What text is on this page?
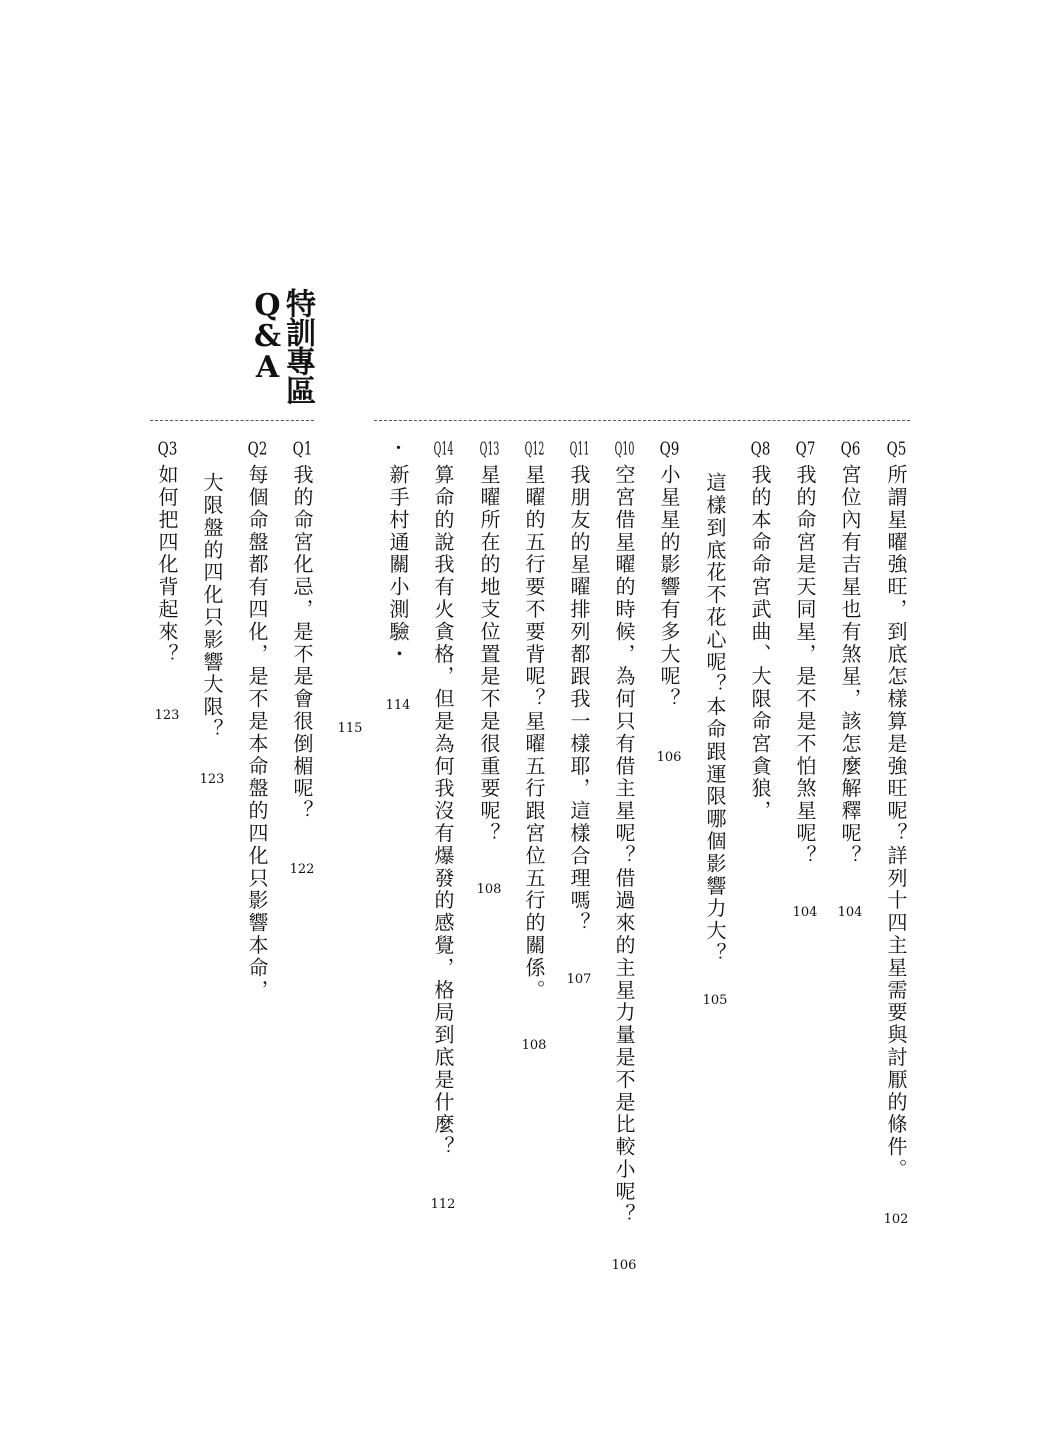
特訓專區
Q&A
Q5所謂星曜強旺，到底怎樣算是強旺呢？詳列十四主星需要與討厭的條件。
102
Q6宮位內有吉星也有煞星，該怎麼解釋呢？
104
Q7我的命宮是天同星，是不是不怕煞星呢？
104
Q8我的本命命宮武曲、大限命宮貪狼，
這樣到底花不花心呢？本命跟運限哪個影響力大？
105
Q9小星星的影響有多大呢？
106
Q10空宮借星曜的時候，為何只有借主星呢？借過來的主星力量是不是比較小呢？
106
Q11我朋友的星曜排列都跟我一樣耶，這樣合理嗎？
107
Q12星曜的五行要不要背呢？星曜五行跟宮位五行的關係。
108
Q13星曜所在的地支位置是不是很重要呢？
108
Q14算命的說我有火貪格，但是為何我沒有爆發的感覺，格局到底是什麼？
112
・新手村通關小測驗・
114
115
Q1我的命宮化忌，是不是會很倒楣呢？
122
Q2每個命盤都有四化，是不是本命盤的四化只影響本命，
大限盤的四化只影響大限？
123
Q3如何把四化背起來？
123
